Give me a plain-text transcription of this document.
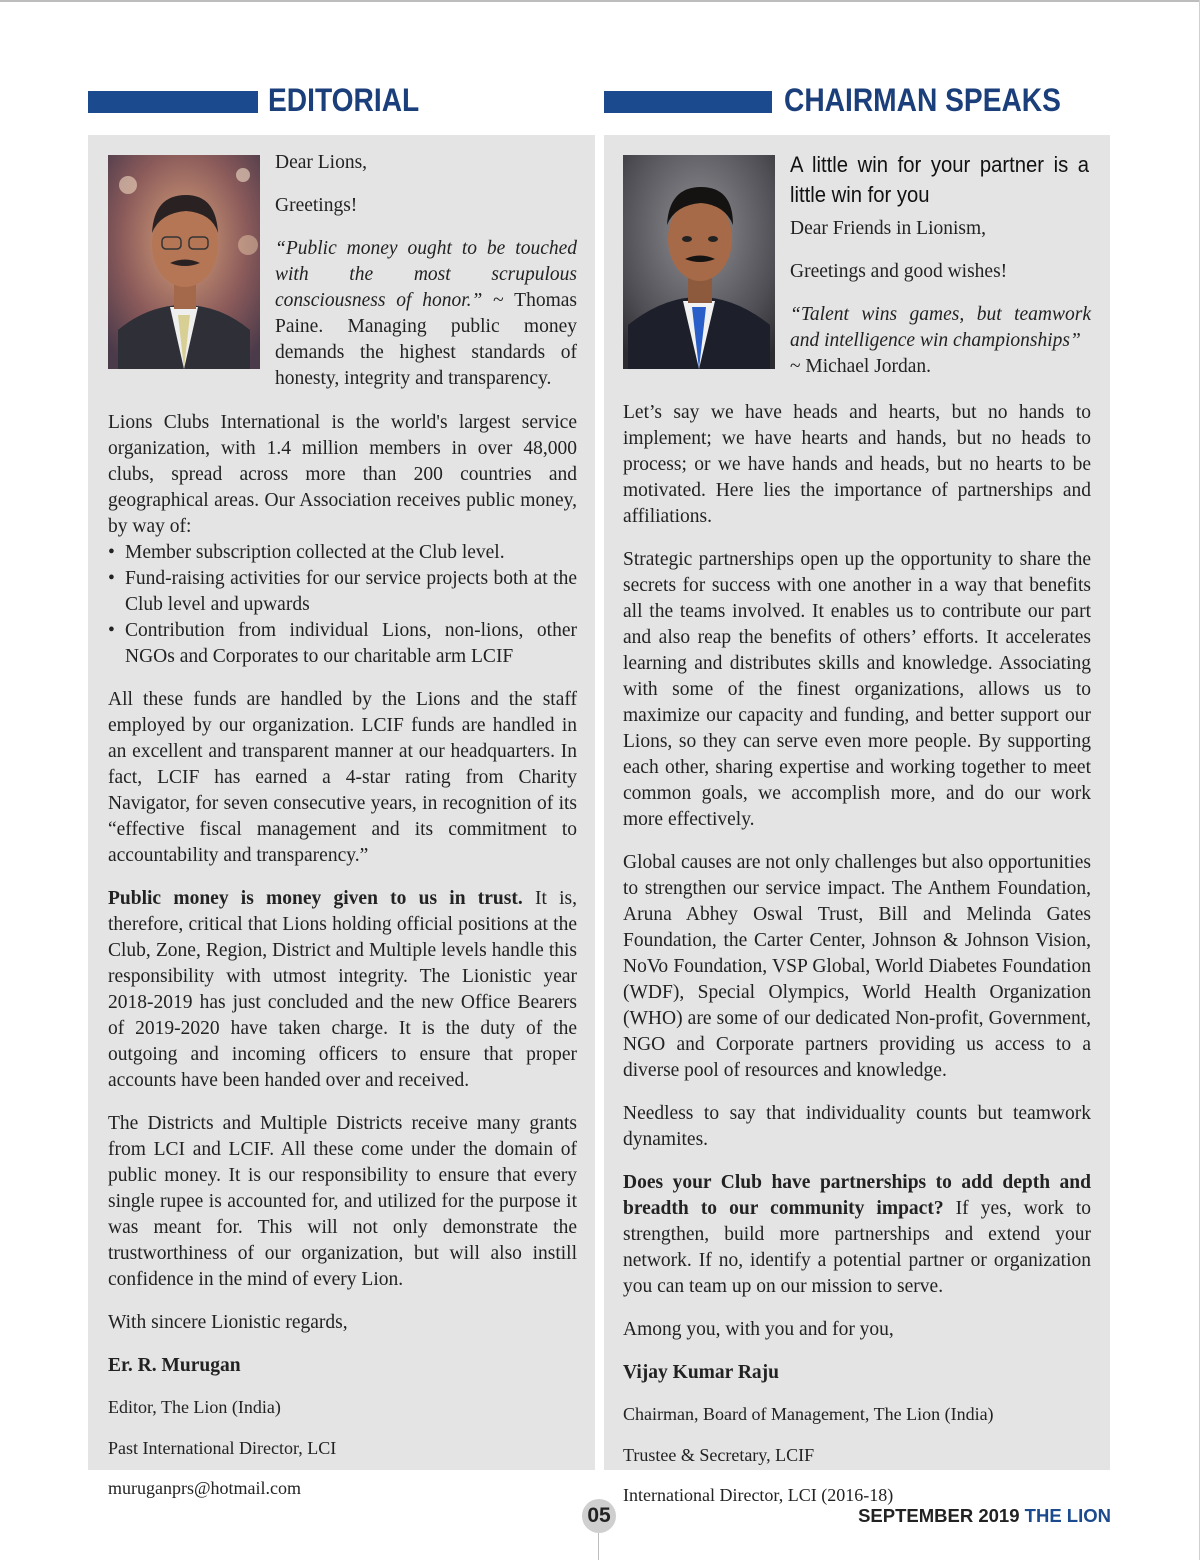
EDITORIAL	CHAIRMAN SPEAKS

Dear Lions,

Greetings!

“Public money ought to be touched with the most scrupulous consciousness of honor.” ~ Thomas Paine. Managing public money demands the highest standards of honesty, integrity and transparency.

Lions Clubs International is the world's largest service organization, with 1.4 million members in over 48,000 clubs, spread across more than 200 countries and geographical areas. Our Association receives public money, by way of:

• Member subscription collected at the Club level.
• Fund-raising activities for our service projects both at the Club level and upwards
• Contribution from individual Lions, non-lions, other NGOs and Corporates to our charitable arm LCIF

All these funds are handled by the Lions and the staff employed by our organization. LCIF funds are handled in an excellent and transparent manner at our headquarters. In fact, LCIF has earned a 4-star rating from Charity Navigator, for seven consecutive years, in recognition of its “effective fiscal management and its commitment to accountability and transparency.”

Public money is money given to us in trust. It is, therefore, critical that Lions holding official positions at the Club, Zone, Region, District and Multiple levels handle this responsibility with utmost integrity. The Lionistic year 2018-2019 has just concluded and the new Office Bearers of 2019-2020 have taken charge. It is the duty of the outgoing and incoming officers to ensure that proper accounts have been handed over and received.

The Districts and Multiple Districts receive many grants from LCI and LCIF. All these come under the domain of public money. It is our responsibility to ensure that every single rupee is accounted for, and utilized for the purpose it was meant for. This will not only demonstrate the trustworthiness of our organization, but will also instill confidence in the mind of every Lion.

With sincere Lionistic regards,

Er. R. Murugan

Editor, The Lion (India)

Past International Director, LCI

muruganprs@hotmail.com

A little win for your partner is a little win for you

Dear Friends in Lionism,

Greetings and good wishes!

“Talent wins games, but teamwork and intelligence win championships”

~ Michael Jordan.

Let’s say we have heads and hearts, but no hands to implement; we have hearts and hands, but no heads to process; or we have hands and heads, but no hearts to be motivated. Here lies the importance of partnerships and affiliations.

Strategic partnerships open up the opportunity to share the secrets for success with one another in a way that benefits all the teams involved. It enables us to contribute our part and also reap the benefits of others’ efforts. It accelerates learning and distributes skills and knowledge. Associating with some of the finest organizations, allows us to maximize our capacity and funding, and better support our Lions, so they can serve even more people. By supporting each other, sharing expertise and working together to meet common goals, we accomplish more, and do our work more effectively.

Global causes are not only challenges but also opportunities to strengthen our service impact. The Anthem Foundation, Aruna Abhey Oswal Trust, Bill and Melinda Gates Foundation, the Carter Center, Johnson & Johnson Vision, NoVo Foundation, VSP Global, World Diabetes Foundation (WDF), Special Olympics, World Health Organization (WHO) are some of our dedicated Non-profit, Government, NGO and Corporate partners providing us access to a diverse pool of resources and knowledge.

Needless to say that individuality counts but teamwork dynamites.

Does your Club have partnerships to add depth and breadth to our community impact? If yes, work to strengthen, build more partnerships and extend your network. If no, identify a potential partner or organization you can team up on our mission to serve.

Among you, with you and for you,

Vijay Kumar Raju

Chairman, Board of Management, The Lion (India)

Trustee & Secretary, LCIF

International Director, LCI (2016-18)

05	SEPTEMBER 2019 THE LION
